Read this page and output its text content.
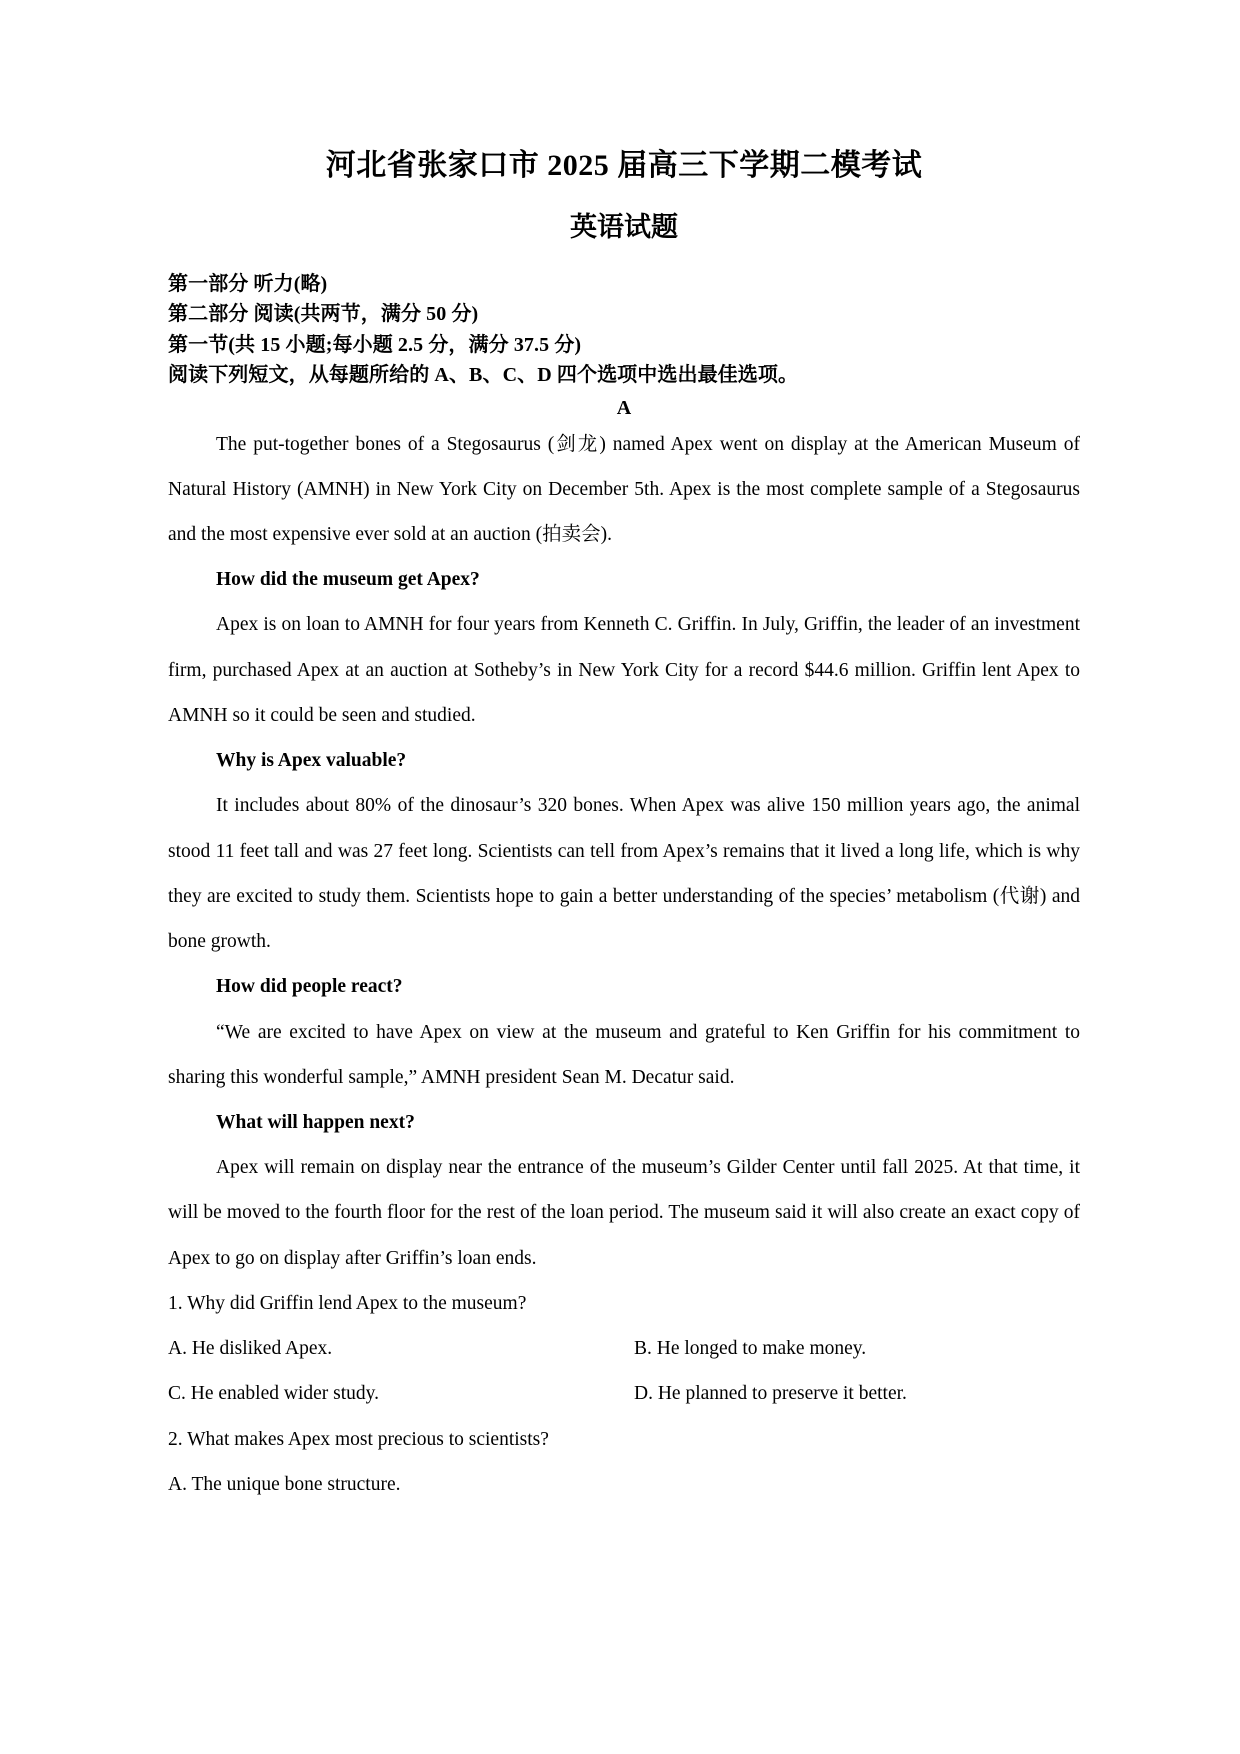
河北省张家口市 2025 届高三下学期二模考试
英语试题
第一部分 听力(略)
第二部分 阅读(共两节，满分 50 分)
第一节(共 15 小题;每小题 2.5 分，满分 37.5 分)
阅读下列短文，从每题所给的 A、B、C、D 四个选项中选出最佳选项。
A

The put-together bones of a Stegosaurus (剑龙) named Apex went on display at the American Museum of Natural History (AMNH) in New York City on December 5th. Apex is the most complete sample of a Stegosaurus and the most expensive ever sold at an auction (拍卖会).

How did the museum get Apex?

Apex is on loan to AMNH for four years from Kenneth C. Griffin. In July, Griffin, the leader of an investment firm, purchased Apex at an auction at Sotheby’s in New York City for a record $44.6 million. Griffin lent Apex to AMNH so it could be seen and studied.

Why is Apex valuable?

It includes about 80% of the dinosaur’s 320 bones. When Apex was alive 150 million years ago, the animal stood 11 feet tall and was 27 feet long. Scientists can tell from Apex’s remains that it lived a long life, which is why they are excited to study them. Scientists hope to gain a better understanding of the species’ metabolism (代谢) and bone growth.

How did people react?

“We are excited to have Apex on view at the museum and grateful to Ken Griffin for his commitment to sharing this wonderful sample,” AMNH president Sean M. Decatur said.

What will happen next?

Apex will remain on display near the entrance of the museum’s Gilder Center until fall 2025. At that time, it will be moved to the fourth floor for the rest of the loan period. The museum said it will also create an exact copy of Apex to go on display after Griffin’s loan ends.

1. Why did Griffin lend Apex to the museum?

A. He disliked Apex.	B. He longed to make money.
C. He enabled wider study.	D. He planned to preserve it better.

2. What makes Apex most precious to scientists?

A. The unique bone structure.
